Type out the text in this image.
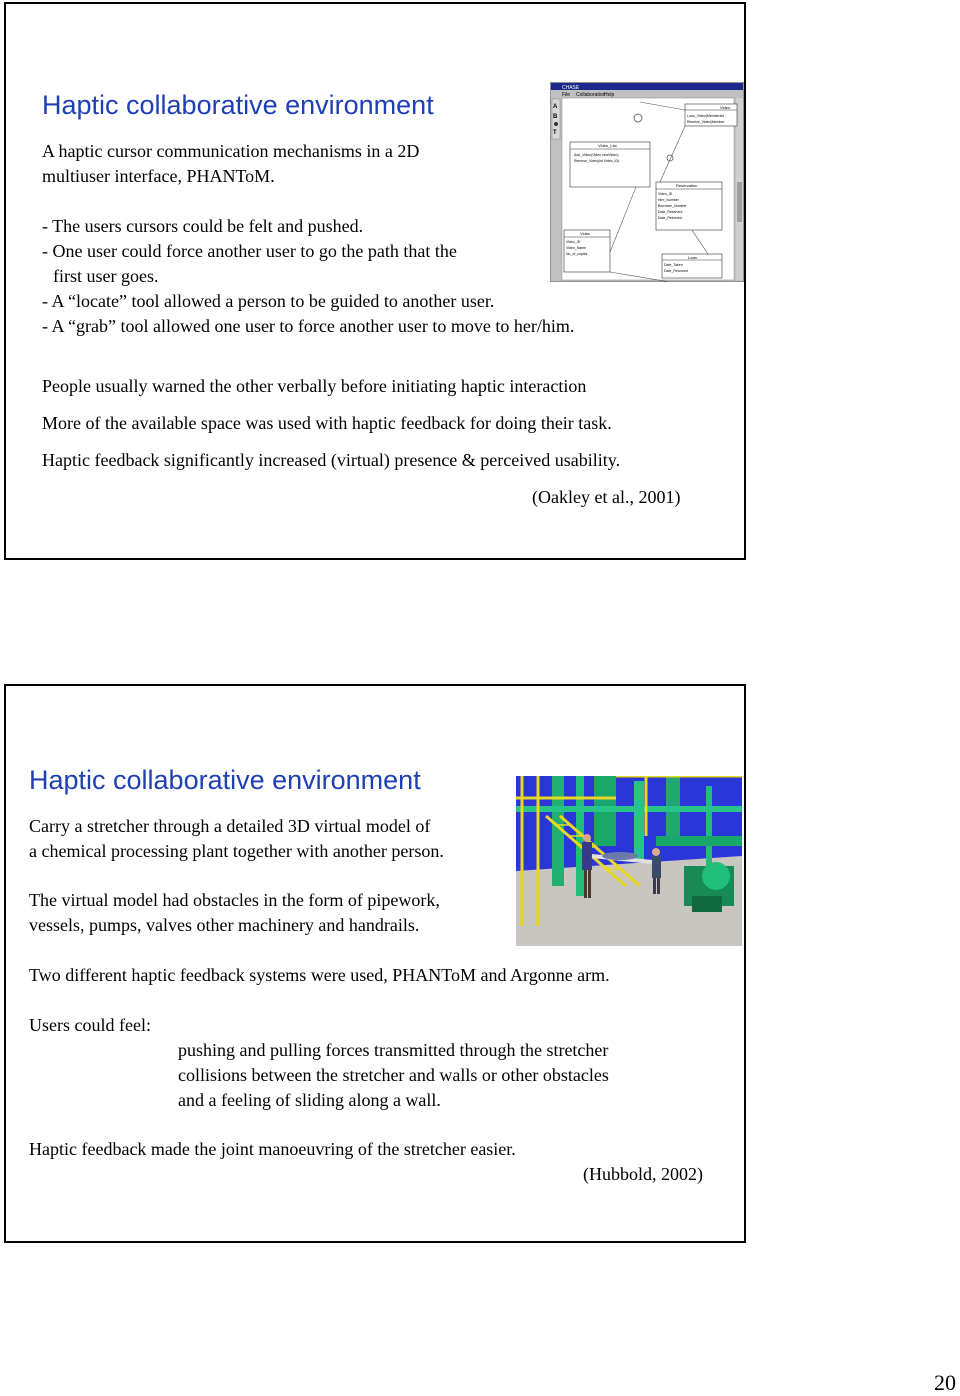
Haptic collaborative environment
A haptic cursor communication mechanisms in a 2D
multiuser interface, PHANToM.
- The users cursors could be felt and pushed.
- One user could force another user to go the path that the
first user goes.
- A “locate” tool allowed a person to be guided to another user.
- A “grab” tool allowed one user to force another user to move to her/him.
People usually warned the other verbally before initiating haptic interaction
More of the available space was used with haptic feedback for doing their task.
Haptic feedback significantly increased (virtual) presence & perceived usability.
(Oakley et al., 2001)
CHASE
File Collaboration
Help
A
B
T
Video
Loan_Video(Membershi
Receive_Video(Member
Video_List
Add_Video(Video newVideo)
Remove_Video(int Video_ID)
Reservation
Video_ID
Hire_Number
Borrower_Number
Date_Reserved
Date_Returned
Video
Video_ID
Video_Name
No_of_copies
Loan
Date_Taken
Date_Returned
Haptic collaborative environment
Carry a stretcher through a detailed 3D virtual model of
a chemical processing plant together with another person.
The virtual model had obstacles in the form of pipework,
vessels, pumps, valves other machinery and handrails.
Two different haptic feedback systems were used, PHANToM and Argonne arm.
Users could feel:
pushing and pulling forces transmitted through the stretcher
collisions between the stretcher and walls or other obstacles
and a feeling of sliding along a wall.
Haptic feedback made the joint manoeuvring of the stretcher easier.
(Hubbold, 2002)
20
